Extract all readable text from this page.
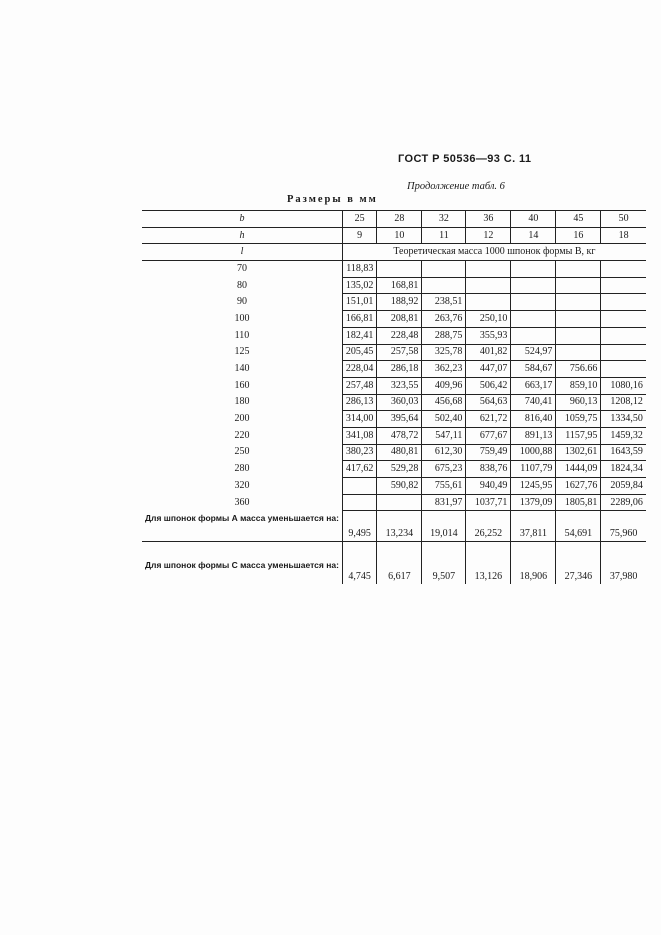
ГОСТ Р 50536—93 С. 11
Продолжение табл. 6
Размеры в мм
b	25	28	32	36	40	45	50
h	9	10	11	12	14	16	18
l	Теоретическая масса 1000 шпонок формы В, кг						
70	118,83						
80	135,02	168,81					
90	151,01	188,92	238,51				
100	166,81	208,81	263,76	250,10			
110	182,41	228,48	288,75	355,93			
125	205,45	257,58	325,78	401,82	524,97		
140	228,04	286,18	362,23	447,07	584,67	756.66	
160	257,48	323,55	409,96	506,42	663,17	859,10	1080,16
180	286,13	360,03	456,68	564,63	740,41	960,13	1208,12
200	314,00	395,64	502,40	621,72	816,40	1059,75	1334,50
220	341,08	478,72	547,11	677,67	891,13	1157,95	1459,32
250	380,23	480,81	612,30	759,49	1000,88	1302,61	1643,59
280	417,62	529,28	675,23	838,76	1107,79	1444,09	1824,34
320		590,82	755,61	940,49	1245,95	1627,76	2059,84
360			831,97	1037,71	1379,09	1805,81	2289,06
Для шпонок формы А масса уменьшается на:	9,495	13,234	19,014	26,252	37,811	54,691	75,960
Для шпонок формы С масса уменьшается на:	4,745	6,617	9,507	13,126	18,906	27,346	37,980
